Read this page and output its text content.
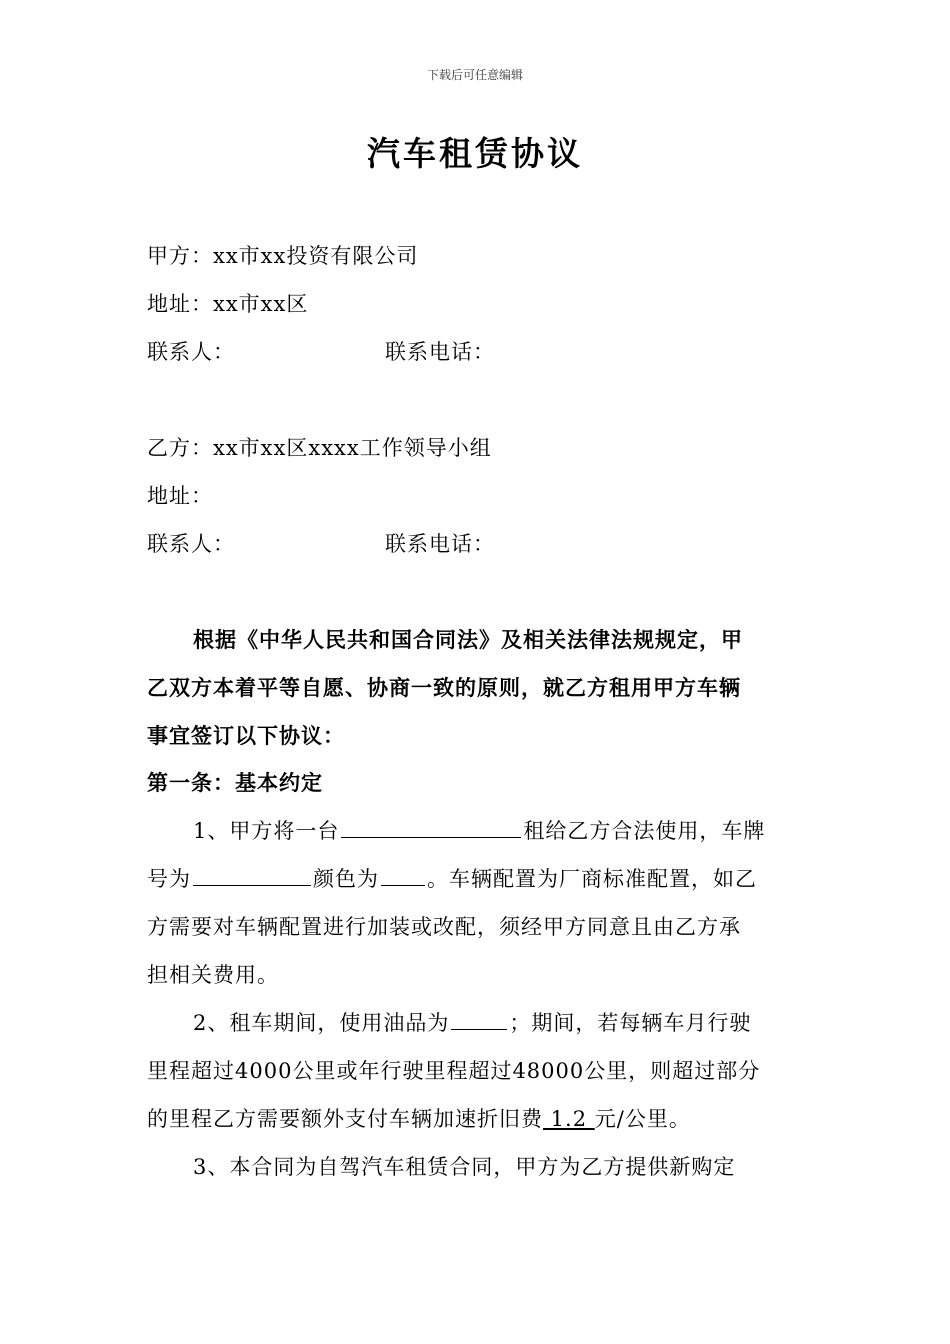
下载后可任意编辑
汽车租赁协议
甲方：xx市xx投资有限公司
地址：xx市xx区
联系人：	联系电话：
乙方：xx市xx区xxxx工作领导小组
地址：
联系人：	联系电话：
根据《中华人民共和国合同法》及相关法律法规规定，甲
乙双方本着平等自愿、协商一致的原则，就乙方租用甲方车辆
事宜签订以下协议：
第一条：基本约定
1、甲方将一台	租给乙方合法使用，车牌
号为	颜色为 。车辆配置为厂商标准配置，如乙
方需要对车辆配置进行加装或改配，须经甲方同意且由乙方承
担相关费用。
2、租车期间，使用油品为	；期间，若每辆车月行驶
里程超过4000公里或年行驶里程超过48000公里，则超过部分
的里程乙方需要额外支付车辆加速折旧费 1.2 元/公里。
3、本合同为自驾汽车租赁合同，甲方为乙方提供新购定
